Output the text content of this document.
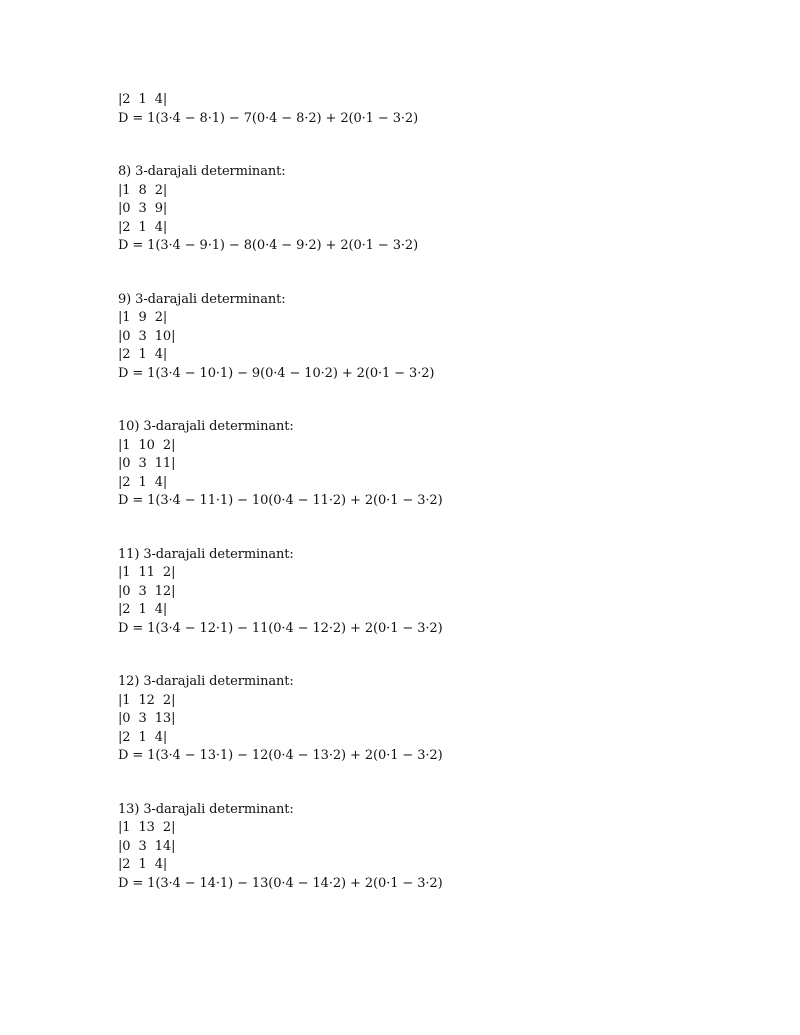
|2  1  4|
D = 1(3·4 − 8·1) − 7(0·4 − 8·2) + 2(0·1 − 3·2)
8) 3-darajali determinant:
|1  8  2|
|0  3  9|
|2  1  4|
D = 1(3·4 − 9·1) − 8(0·4 − 9·2) + 2(0·1 − 3·2)
9) 3-darajali determinant:
|1  9  2|
|0  3  10|
|2  1  4|
D = 1(3·4 − 10·1) − 9(0·4 − 10·2) + 2(0·1 − 3·2)
10) 3-darajali determinant:
|1  10  2|
|0  3  11|
|2  1  4|
D = 1(3·4 − 11·1) − 10(0·4 − 11·2) + 2(0·1 − 3·2)
11) 3-darajali determinant:
|1  11  2|
|0  3  12|
|2  1  4|
D = 1(3·4 − 12·1) − 11(0·4 − 12·2) + 2(0·1 − 3·2)
12) 3-darajali determinant:
|1  12  2|
|0  3  13|
|2  1  4|
D = 1(3·4 − 13·1) − 12(0·4 − 13·2) + 2(0·1 − 3·2)
13) 3-darajali determinant:
|1  13  2|
|0  3  14|
|2  1  4|
D = 1(3·4 − 14·1) − 13(0·4 − 14·2) + 2(0·1 − 3·2)
